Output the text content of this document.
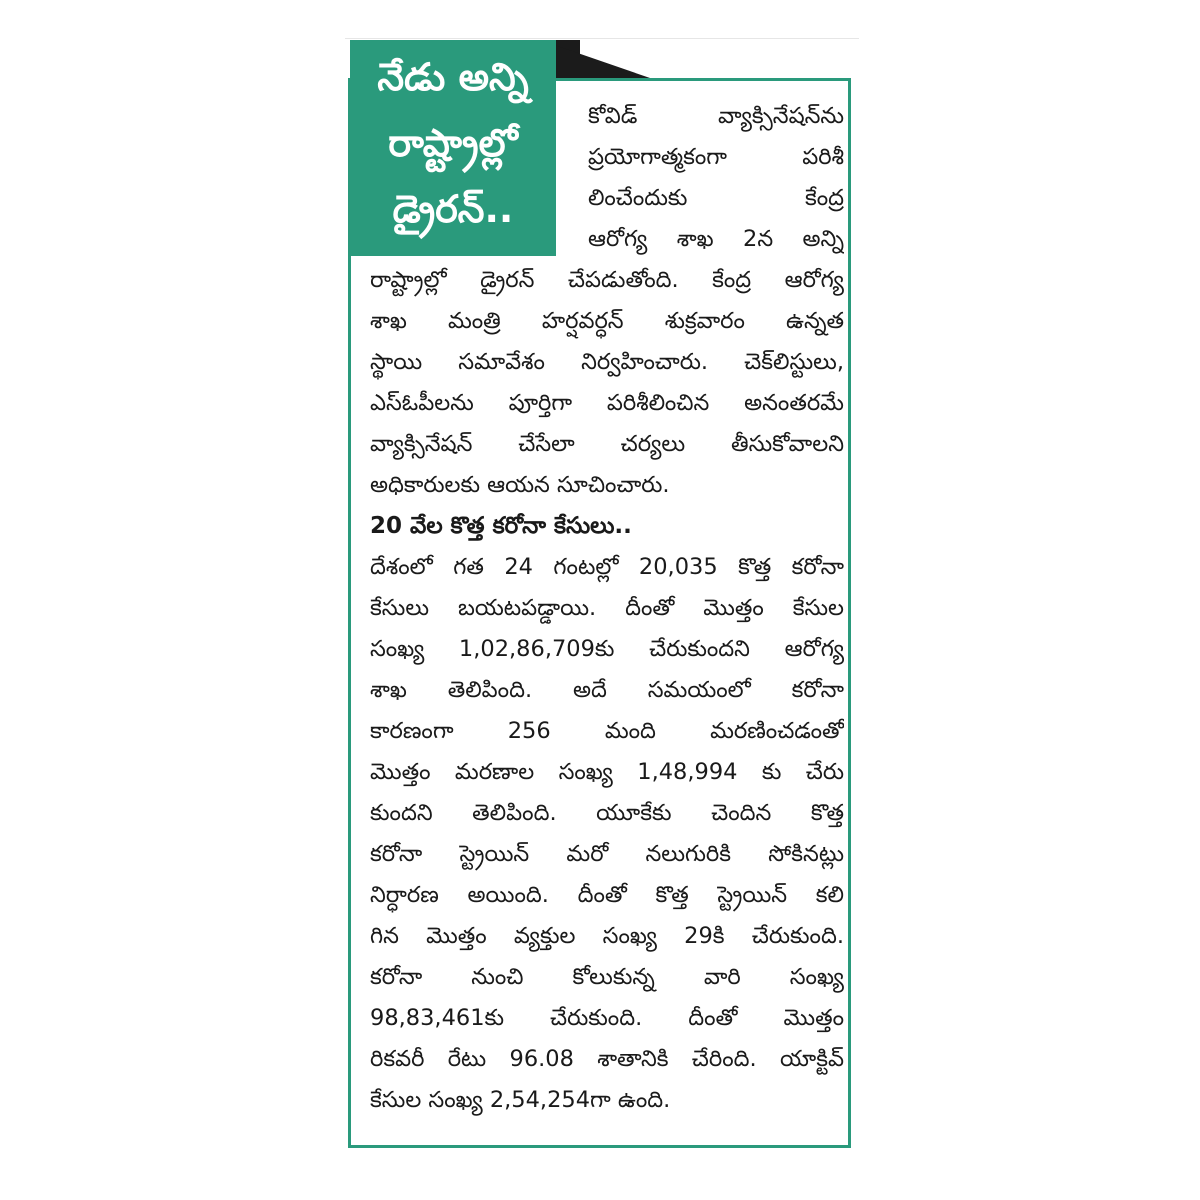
నేడు అన్ని
రాష్ట్రాల్లో
డ్రైరన్..
కోవిడ్ వ్యాక్సినేషన్‌ను
ప్రయోగాత్మకంగా పరిశీ
లించేందుకు కేంద్ర
ఆరోగ్య శాఖ 2న అన్ని
రాష్ట్రాల్లో డ్రైరన్ చేపడుతోంది. కేంద్ర ఆరోగ్య
శాఖ మంత్రి హర్షవర్ధన్ శుక్రవారం ఉన్నత
స్థాయి సమావేశం నిర్వహించారు. చెక్‌లిస్టులు,
ఎస్‌ఓపీలను పూర్తిగా పరిశీలించిన అనంతరమే
వ్యాక్సినేషన్ చేసేలా చర్యలు తీసుకోవాలని
అధికారులకు ఆయన సూచించారు.
20 వేల కొత్త కరోనా కేసులు..
దేశంలో గత 24 గంటల్లో 20,035 కొత్త కరోనా
కేసులు బయటపడ్డాయి. దీంతో మొత్తం కేసుల
సంఖ్య 1,02,86,709కు చేరుకుందని ఆరోగ్య
శాఖ తెలిపింది. అదే సమయంలో కరోనా
కారణంగా 256 మంది మరణించడంతో
మొత్తం మరణాల సంఖ్య 1,48,994 కు చేరు
కుందని తెలిపింది. యూకేకు చెందిన కొత్త
కరోనా స్ట్రెయిన్ మరో నలుగురికి సోకినట్లు
నిర్ధారణ అయింది. దీంతో కొత్త స్ట్రెయిన్ కలి
గిన మొత్తం వ్యక్తుల సంఖ్య 29కి చేరుకుంది.
కరోనా నుంచి కోలుకున్న వారి సంఖ్య
98,83,461కు చేరుకుంది. దీంతో మొత్తం
రికవరీ రేటు 96.08 శాతానికి చేరింది. యాక్టివ్
కేసుల సంఖ్య 2,54,254గా ఉంది.
